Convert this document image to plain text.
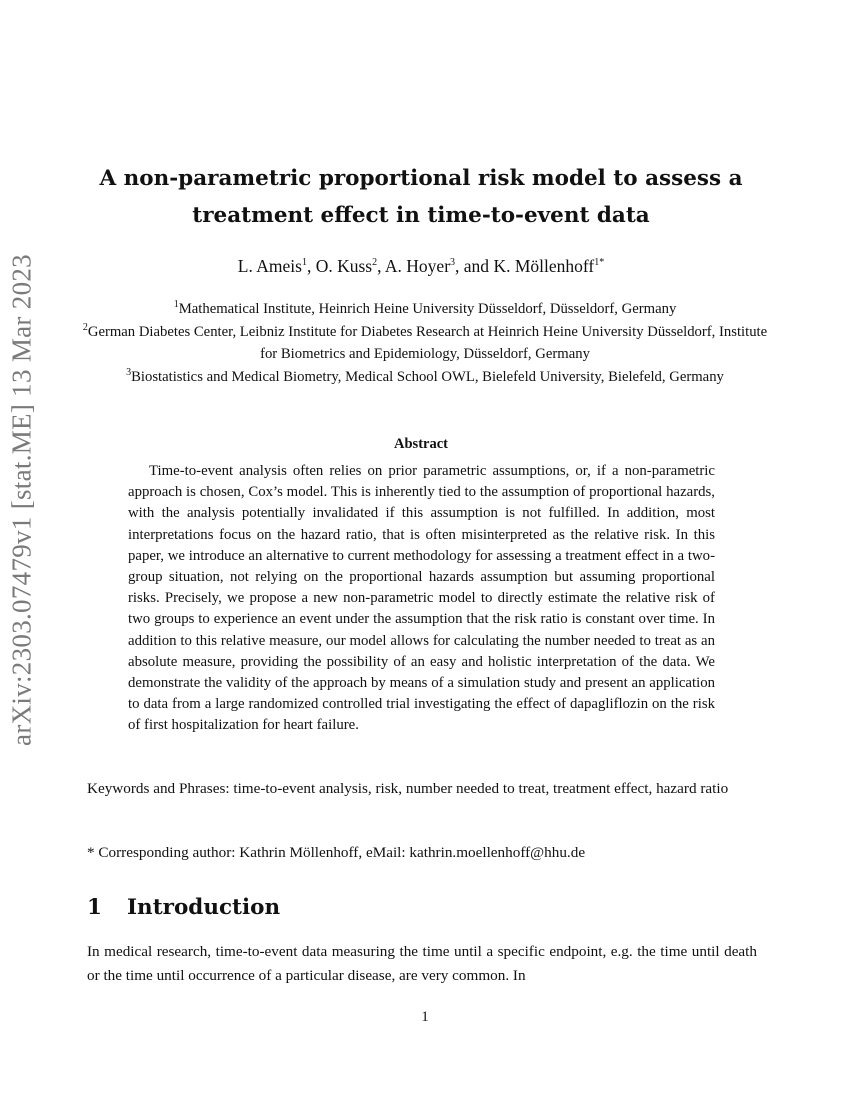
arXiv:2303.07479v1 [stat.ME] 13 Mar 2023
A non-parametric proportional risk model to assess a treatment effect in time-to-event data
L. Ameis$^1$, O. Kuss$^2$, A. Hoyer$^3$, and K. Möllenhoff$^{1*}$
$^1$Mathematical Institute, Heinrich Heine University Düsseldorf, Düsseldorf, Germany
$^2$German Diabetes Center, Leibniz Institute for Diabetes Research at Heinrich Heine University Düsseldorf, Institute for Biometrics and Epidemiology, Düsseldorf, Germany
$^3$Biostatistics and Medical Biometry, Medical School OWL, Bielefeld University, Bielefeld, Germany
Abstract

Time-to-event analysis often relies on prior parametric assumptions, or, if a non-parametric approach is chosen, Cox’s model. This is inherently tied to the assumption of proportional hazards, with the analysis potentially invalidated if this assumption is not fulfilled. In addition, most interpretations focus on the hazard ratio, that is often misinterpreted as the relative risk. In this paper, we introduce an alternative to current methodology for assessing a treatment effect in a two-group situation, not relying on the proportional hazards assumption but assuming proportional risks. Precisely, we propose a new non-parametric model to directly estimate the relative risk of two groups to experience an event under the assumption that the risk ratio is constant over time. In addition to this relative measure, our model allows for calculating the number needed to treat as an absolute measure, providing the possibility of an easy and holistic interpretation of the data. We demonstrate the validity of the approach by means of a simulation study and present an application to data from a large randomized controlled trial investigating the effect of dapagliflozin on the risk of first hospitalization for heart failure.

Keywords and Phrases: time-to-event analysis, risk, number needed to treat, treatment effect, hazard ratio
* Corresponding author: Kathrin Möllenhoff, eMail: kathrin.moellenhoff@hhu.de
1 Introduction

In medical research, time-to-event data measuring the time until a specific endpoint, e.g. the time until death or the time until occurrence of a particular disease, are very common. In

1
